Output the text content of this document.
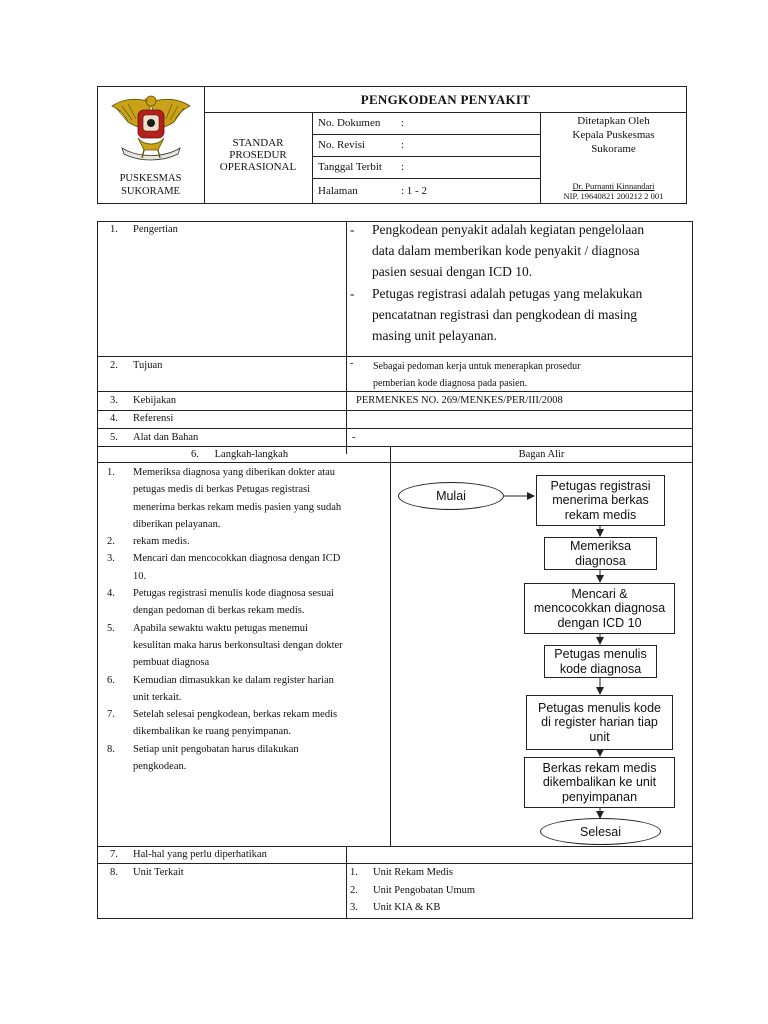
PUSKESMAS
SUKORAME
PENGKODEAN PENYAKIT
STANDAR
PROSEDUR
OPERASIONAL
No. Dokumen :
No. Revisi	:
Tanggal Terbit :
Halaman	: 1 - 2
Ditetapkan Oleh
Kepala Puskesmas
Sukorame
Dr. Purnanti Kinnandari
NIP. 19640821 200212 2 001
1. Pengertian	- Pengkodean penyakit adalah kegiatan pengelolaan
data dalam memberikan kode penyakit / diagnosa
pasien sesuai dengan ICD 10.
- Petugas registrasi adalah petugas yang melakukan
pencatatnan registrasi dan pengkodean di masing
masing unit pelayanan.
2. Tujuan	- Sebagai pedoman kerja untuk menerapkan prosedur
pemberian kode diagnosa pada pasien.
3. Kebijakan	PERMENKES NO. 269/MENKES/PER/III/2008
4. Referensi
5. Alat dan Bahan	-
6.      Langkah-langkah	Bagan Alir
1. Memeriksa diagnosa yang diberikan dokter atau
petugas medis di berkas Petugas registrasi
menerima berkas rekam medis pasien yang sudah
diberikan pelayanan.
2. rekam medis.
3. Mencari dan mencocokkan diagnosa dengan ICD
10.
4. Petugas registrasi menulis kode diagnosa sesuai
dengan pedoman di berkas rekam medis.
5. Apabila sewaktu waktu petugas menemui
kesulitan maka harus berkonsultasi dengan dokter
pembuat diagnosa
6. Kemudian dimasukkan ke dalam register harian
unit terkait.
7. Setelah selesai pengkodean, berkas rekam medis
dikembalikan ke ruang penyimpanan.
8. Setiap unit pengobatan harus dilakukan
pengkodean.
Mulai
Petugas registrasi
menerima berkas
rekam medis
Memeriksa
diagnosa
Mencari &
mencocokkan diagnosa
dengan ICD 10
Petugas menulis
kode diagnosa
Petugas menulis kode
di register harian tiap
unit
Berkas rekam medis
dikembalikan ke unit
penyimpanan
Selesai
7. Hal-hal yang perlu diperhatikan
8. Unit Terkait	1. Unit Rekam Medis
2. Unit Pengobatan Umum
3. Unit KIA & KB
